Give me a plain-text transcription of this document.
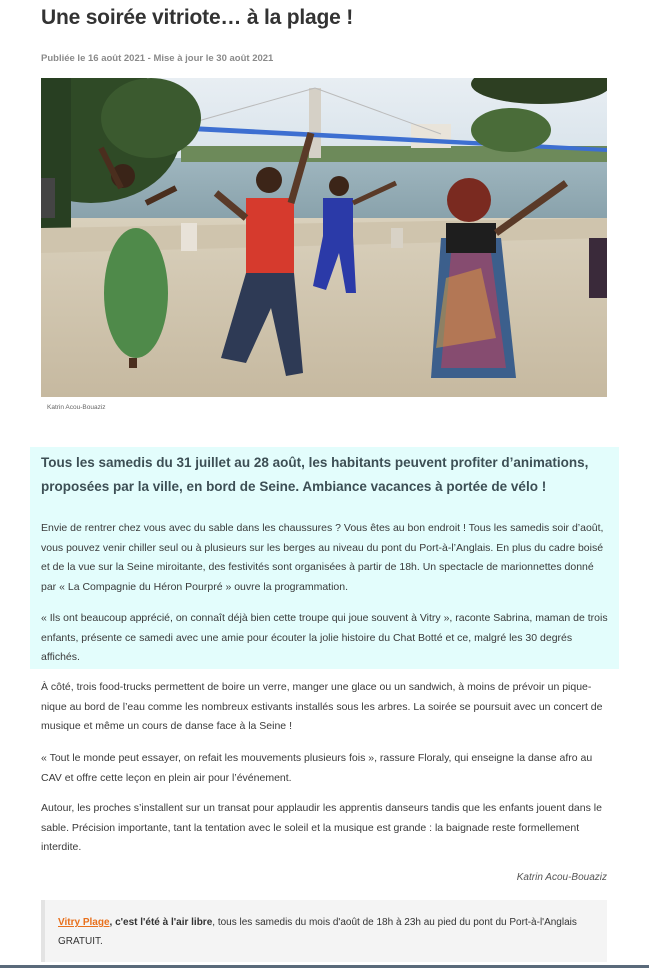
Une soirée vitriote… à la plage !
Publiée le 16 août 2021 - Mise à jour le 30 août 2021
Katrin Acou-Bouaziz

Tous les samedis du 31 juillet au 28 août, les habitants peuvent profiter d’animations, proposées par la ville, en bord de Seine. Ambiance vacances à portée de vélo !

Envie de rentrer chez vous avec du sable dans les chaussures ? Vous êtes au bon endroit ! Tous les samedis soir d’août, vous pouvez venir chiller seul ou à plusieurs sur les berges au niveau du pont du Port-à-l’Anglais. En plus du cadre boisé et de la vue sur la Seine miroitante, des festivités sont organisées à partir de 18h. Un spectacle de marionnettes donné par « La Compagnie du Héron Pourpré » ouvre la programmation.

« Ils ont beaucoup apprécié, on connaît déjà bien cette troupe qui joue souvent à Vitry », raconte Sabrina, maman de trois enfants, présente ce samedi avec une amie pour écouter la jolie histoire du Chat Botté et ce, malgré les 30 degrés affichés.

À côté, trois food-trucks permettent de boire un verre, manger une glace ou un sandwich, à moins de prévoir un pique-nique au bord de l’eau comme les nombreux estivants installés sous les arbres. La soirée se poursuit avec un concert de musique et même un cours de danse face à la Seine !

« Tout le monde peut essayer, on refait les mouvements plusieurs fois », rassure Floraly, qui enseigne la danse afro au CAV et offre cette leçon en plein air pour l’événement.

Autour, les proches s’installent sur un transat pour applaudir les apprentis danseurs tandis que les enfants jouent dans le sable. Précision importante, tant la tentation avec le soleil et la musique est grande : la baignade reste formellement interdite.

Katrin Acou-Bouaziz

Vitry Plage, c'est l'été à l'air libre, tous les samedis du mois d'août de 18h à 23h au pied du pont du Port-à-l'Anglais GRATUIT.
